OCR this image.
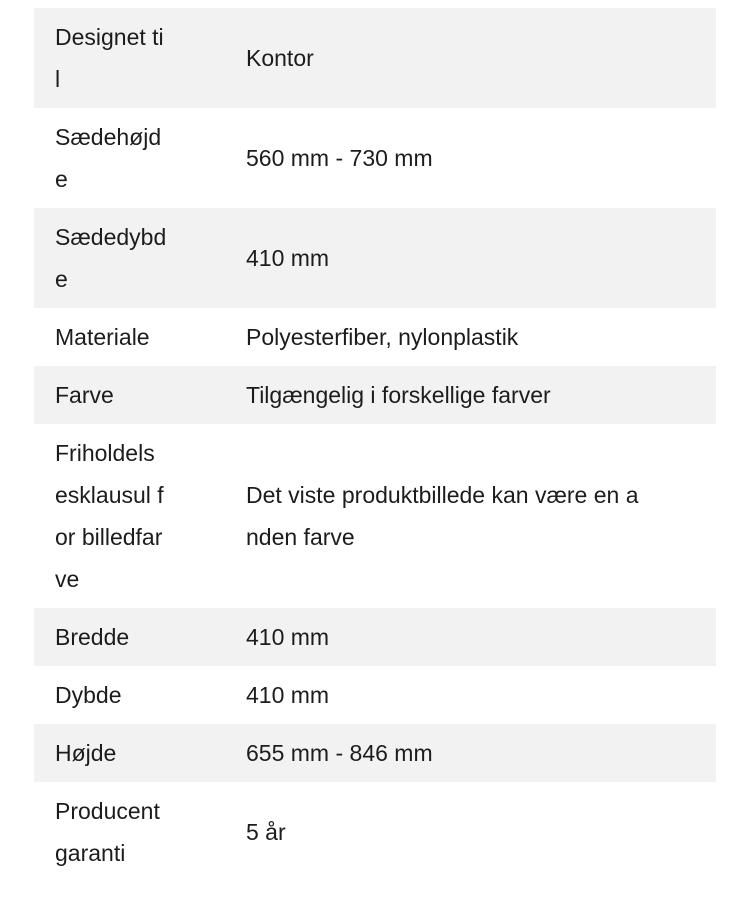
Designet ti
l	Kontor

Sædehøjd
e	560 mm - 730 mm

Sædedybd
e	410 mm

Materiale	Polyesterfiber, nylonplastik

Farve	Tilgængelig i forskellige farver

Friholdels
esklausul f
or billedfar
ve	Det viste produktbillede kan være en a
nden farve

Bredde	410 mm

Dybde	410 mm

Højde	655 mm - 846 mm

Producent
garanti	5 år
